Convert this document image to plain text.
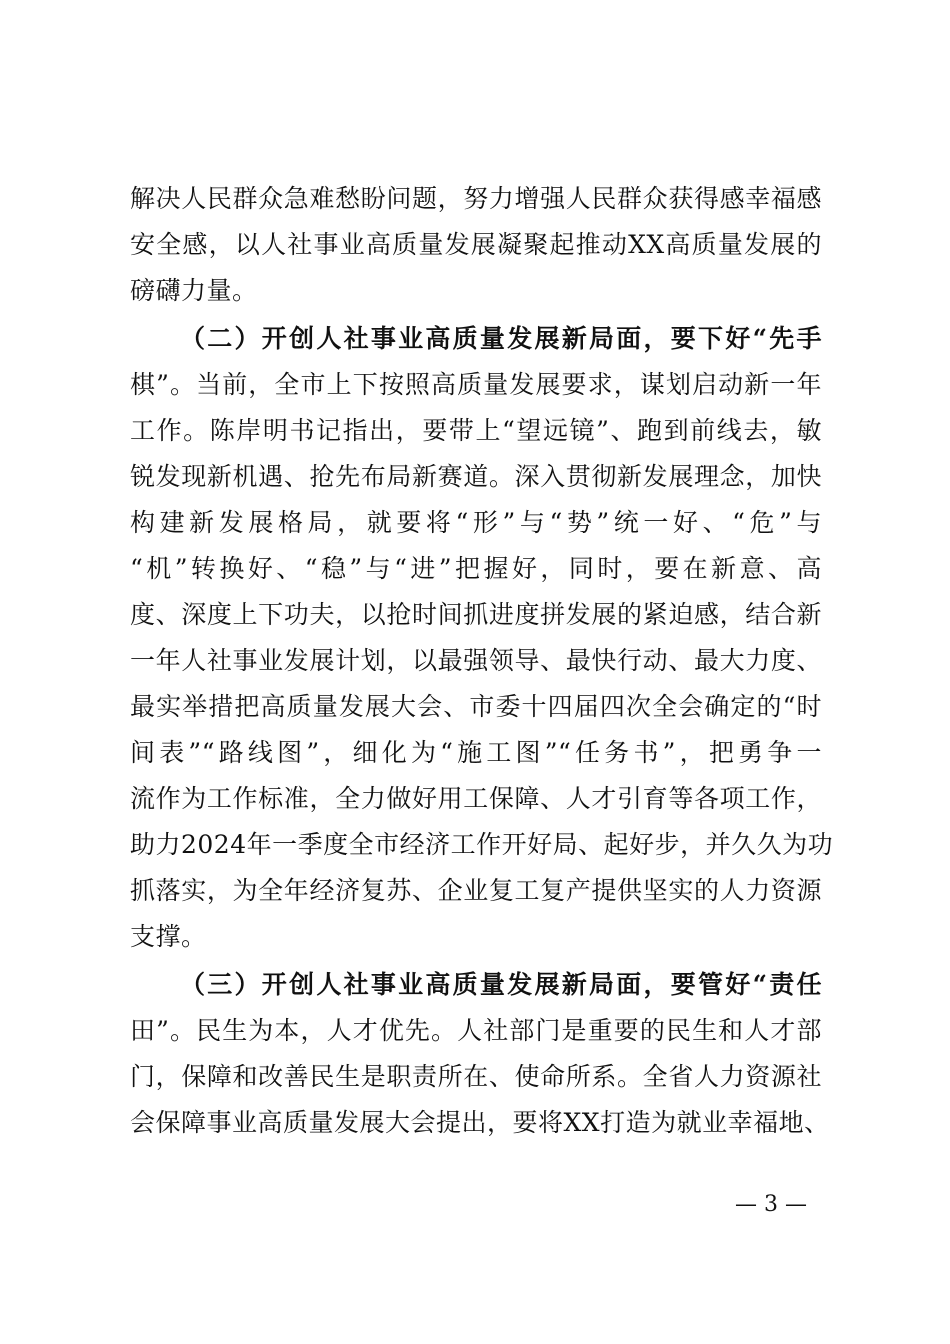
解决人民群众急难愁盼问题，努力增强人民群众获得感幸福感
安全感，以人社事业高质量发展凝聚起推动XX高质量发展的
磅礴力量。
（二）开创人社事业高质量发展新局面，要下好“先手
棋”。当前，全市上下按照高质量发展要求，谋划启动新一年
工作。陈岸明书记指出，要带上“望远镜”、跑到前线去，敏
锐发现新机遇、抢先布局新赛道。深入贯彻新发展理念，加快
构建新发展格局，就要将“形”与“势”统一好、“危”与
“机”转换好、“稳”与“进”把握好，同时，要在新意、高
度、深度上下功夫，以抢时间抓进度拼发展的紧迫感，结合新
一年人社事业发展计划，以最强领导、最快行动、最大力度、
最实举措把高质量发展大会、市委十四届四次全会确定的“时
间表”“路线图”，细化为“施工图”“任务书”，把勇争一
流作为工作标准，全力做好用工保障、人才引育等各项工作，
助力2024年一季度全市经济工作开好局、起好步，并久久为功
抓落实，为全年经济复苏、企业复工复产提供坚实的人力资源
支撑。
（三）开创人社事业高质量发展新局面，要管好“责任
田”。民生为本，人才优先。人社部门是重要的民生和人才部
门，保障和改善民生是职责所在、使命所系。全省人力资源社
会保障事业高质量发展大会提出，要将XX打造为就业幸福地、
— 3 —
